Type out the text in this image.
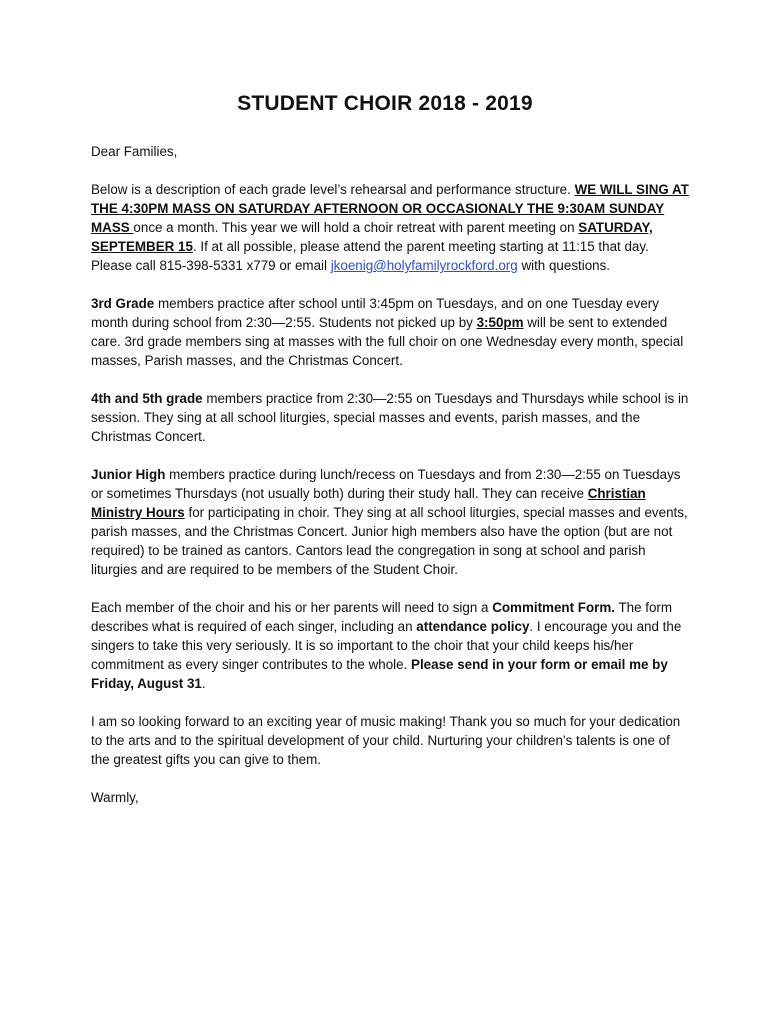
STUDENT CHOIR 2018 - 2019

Dear Families,

Below is a description of each grade level’s rehearsal and performance structure. WE WILL SING AT THE 4:30PM MASS ON SATURDAY AFTERNOON OR OCCASIONALY THE 9:30AM SUNDAY MASS once a month. This year we will hold a choir retreat with parent meeting on SATURDAY, SEPTEMBER 15. If at all possible, please attend the parent meeting starting at 11:15 that day. Please call 815-398-5331 x779 or email jkoenig@holyfamilyrockford.org with questions.

3rd Grade members practice after school until 3:45pm on Tuesdays, and on one Tuesday every month during school from 2:30—2:55. Students not picked up by 3:50pm will be sent to extended care. 3rd grade members sing at masses with the full choir on one Wednesday every month, special masses, Parish masses, and the Christmas Concert.

4th and 5th grade members practice from 2:30—2:55 on Tuesdays and Thursdays while school is in session. They sing at all school liturgies, special masses and events, parish masses, and the Christmas Concert.

Junior High members practice during lunch/recess on Tuesdays and from 2:30—2:55 on Tuesdays or sometimes Thursdays (not usually both) during their study hall. They can receive Christian Ministry Hours for participating in choir. They sing at all school liturgies, special masses and events, parish masses, and the Christmas Concert. Junior high members also have the option (but are not required) to be trained as cantors. Cantors lead the congregation in song at school and parish liturgies and are required to be members of the Student Choir.

Each member of the choir and his or her parents will need to sign a Commitment Form. The form describes what is required of each singer, including an attendance policy. I encourage you and the singers to take this very seriously. It is so important to the choir that your child keeps his/her commitment as every singer contributes to the whole. Please send in your form or email me by Friday, August 31.

I am so looking forward to an exciting year of music making! Thank you so much for your dedication to the arts and to the spiritual development of your child. Nurturing your children’s talents is one of the greatest gifts you can give to them.

Warmly,
